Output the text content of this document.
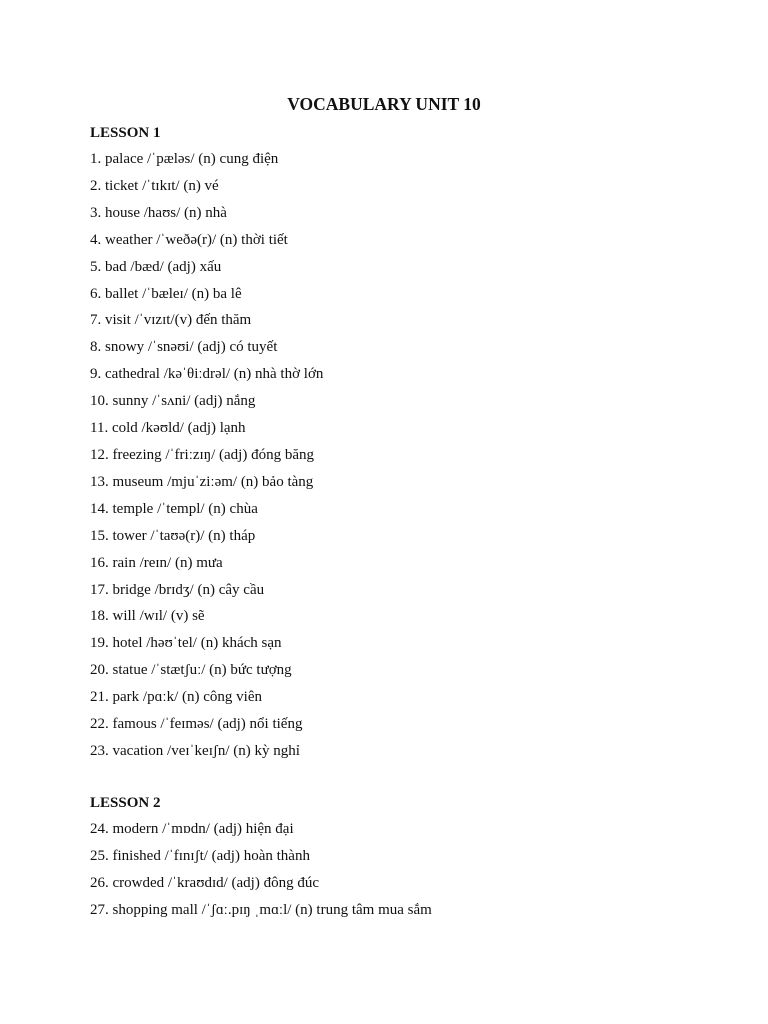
VOCABULARY UNIT 10
LESSON 1
1. palace /ˈpæləs/ (n) cung điện
2. ticket /ˈtɪkɪt/ (n) vé
3. house /haʊs/ (n) nhà
4. weather /ˈweðə(r)/ (n) thời tiết
5. bad /bæd/ (adj) xấu
6. ballet /ˈbæleɪ/ (n) ba lê
7. visit /ˈvɪzɪt/(v) đến thăm
8. snowy /ˈsnəʊi/ (adj) có tuyết
9. cathedral /kəˈθiːdrəl/ (n) nhà thờ lớn
10. sunny /ˈsʌni/ (adj) nắng
11. cold /kəʊld/ (adj) lạnh
12. freezing /ˈfriːzɪŋ/ (adj) đóng băng
13. museum /mjuˈziːəm/ (n) bảo tàng
14. temple /ˈtempl/ (n) chùa
15. tower /ˈtaʊə(r)/ (n) tháp
16. rain /reɪn/ (n) mưa
17. bridge /brɪdʒ/ (n) cây cầu
18. will /wɪl/ (v) sẽ
19. hotel /həʊˈtel/ (n) khách sạn
20. statue /ˈstætʃuː/ (n) bức tượng
21. park /pɑːk/ (n) công viên
22. famous /ˈfeɪməs/ (adj) nổi tiếng
23. vacation /veɪˈkeɪʃn/ (n) kỳ nghỉ
LESSON 2
24. modern /ˈmɒdn/ (adj) hiện đại
25. finished /ˈfɪnɪʃt/ (adj) hoàn thành
26. crowded /ˈkraʊdɪd/ (adj) đông đúc
27. shopping mall /ˈʃɑː.pɪŋ ˌmɑːl/ (n) trung tâm mua sắm
